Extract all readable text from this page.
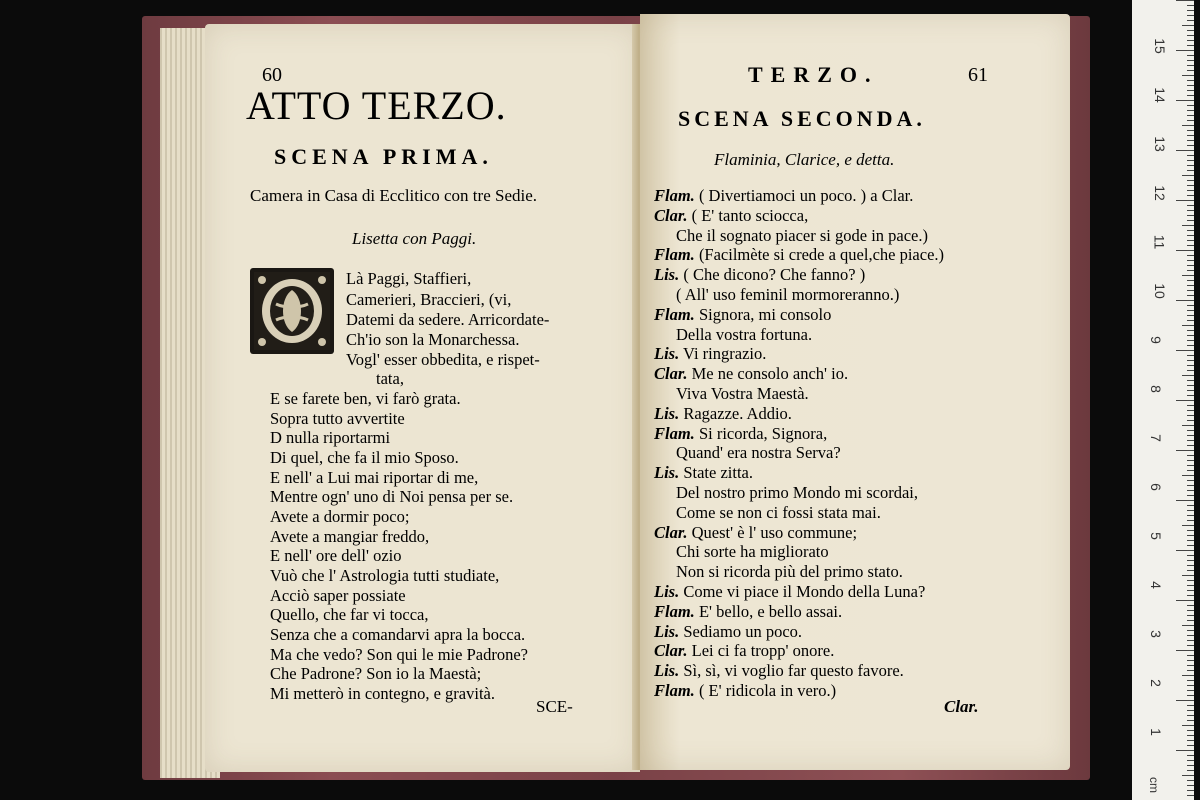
60
ATTO TERZO.
SCENA PRIMA.
Camera in Casa di Ecclitico con tre Sedie.
Lisetta con Paggi.
Là Paggi, Staffieri,
Camerieri, Braccieri, (vi,
Datemi da sedere. Arricordate-
Ch'io son la Monarchessa.
Vogl' esser obbedita, e rispet-
tata,
E se farete ben, vi farò grata.
Sopra tutto avvertite
D nulla riportarmi
Di quel, che fa il mio Sposo.
E nell' a Lui mai riportar di me,
Mentre ogn' uno di Noi pensa per se.
Avete a dormir poco;
Avete a mangiar freddo,
E nell' ore dell' ozio
Vuò che l' Astrologia tutti studiate,
Acciò saper possiate
Quello, che far vi tocca,
Senza che a comandarvi apra la bocca.
Ma che vedo? Son qui le mie Padrone?
Che Padrone? Son io la Maestà;
Mi metterò in contegno, e gravità.
SCE-
TERZO.	61
SCENA SECONDA.
Flaminia, Clarice, e detta.
Flam. ( Divertiamoci un poco. ) a Clar.
Clar. ( E' tanto sciocca,
Che il sognato piacer si gode in pace.)
Flam. (Facilmète si crede a quel,che piace.)
Lis. ( Che dicono? Che fanno? )
( All' uso feminil mormoreranno.)
Flam. Signora, mi consolo
Della vostra fortuna.
Lis. Vi ringrazio.
Clar. Me ne consolo anch' io.
Viva Vostra Maestà.
Lis. Ragazze. Addio.
Flam. Si ricorda, Signora,
Quand' era nostra Serva?
Lis. State zitta.
Del nostro primo Mondo mi scordai,
Come se non ci fossi stata mai.
Clar. Quest' è l' uso commune;
Chi sorte ha migliorato
Non si ricorda più del primo stato.
Lis. Come vi piace il Mondo della Luna?
Flam. E' bello, e bello assai.
Lis. Sediamo un poco.
Clar. Lei ci fa tropp' onore.
Lis. Sì, sì, vi voglio far questo favore.
Flam. ( E' ridicola in vero.)
Clar.
15
14
13
12
11
10
9
8
7
6
5
4
3
2
1
cm
